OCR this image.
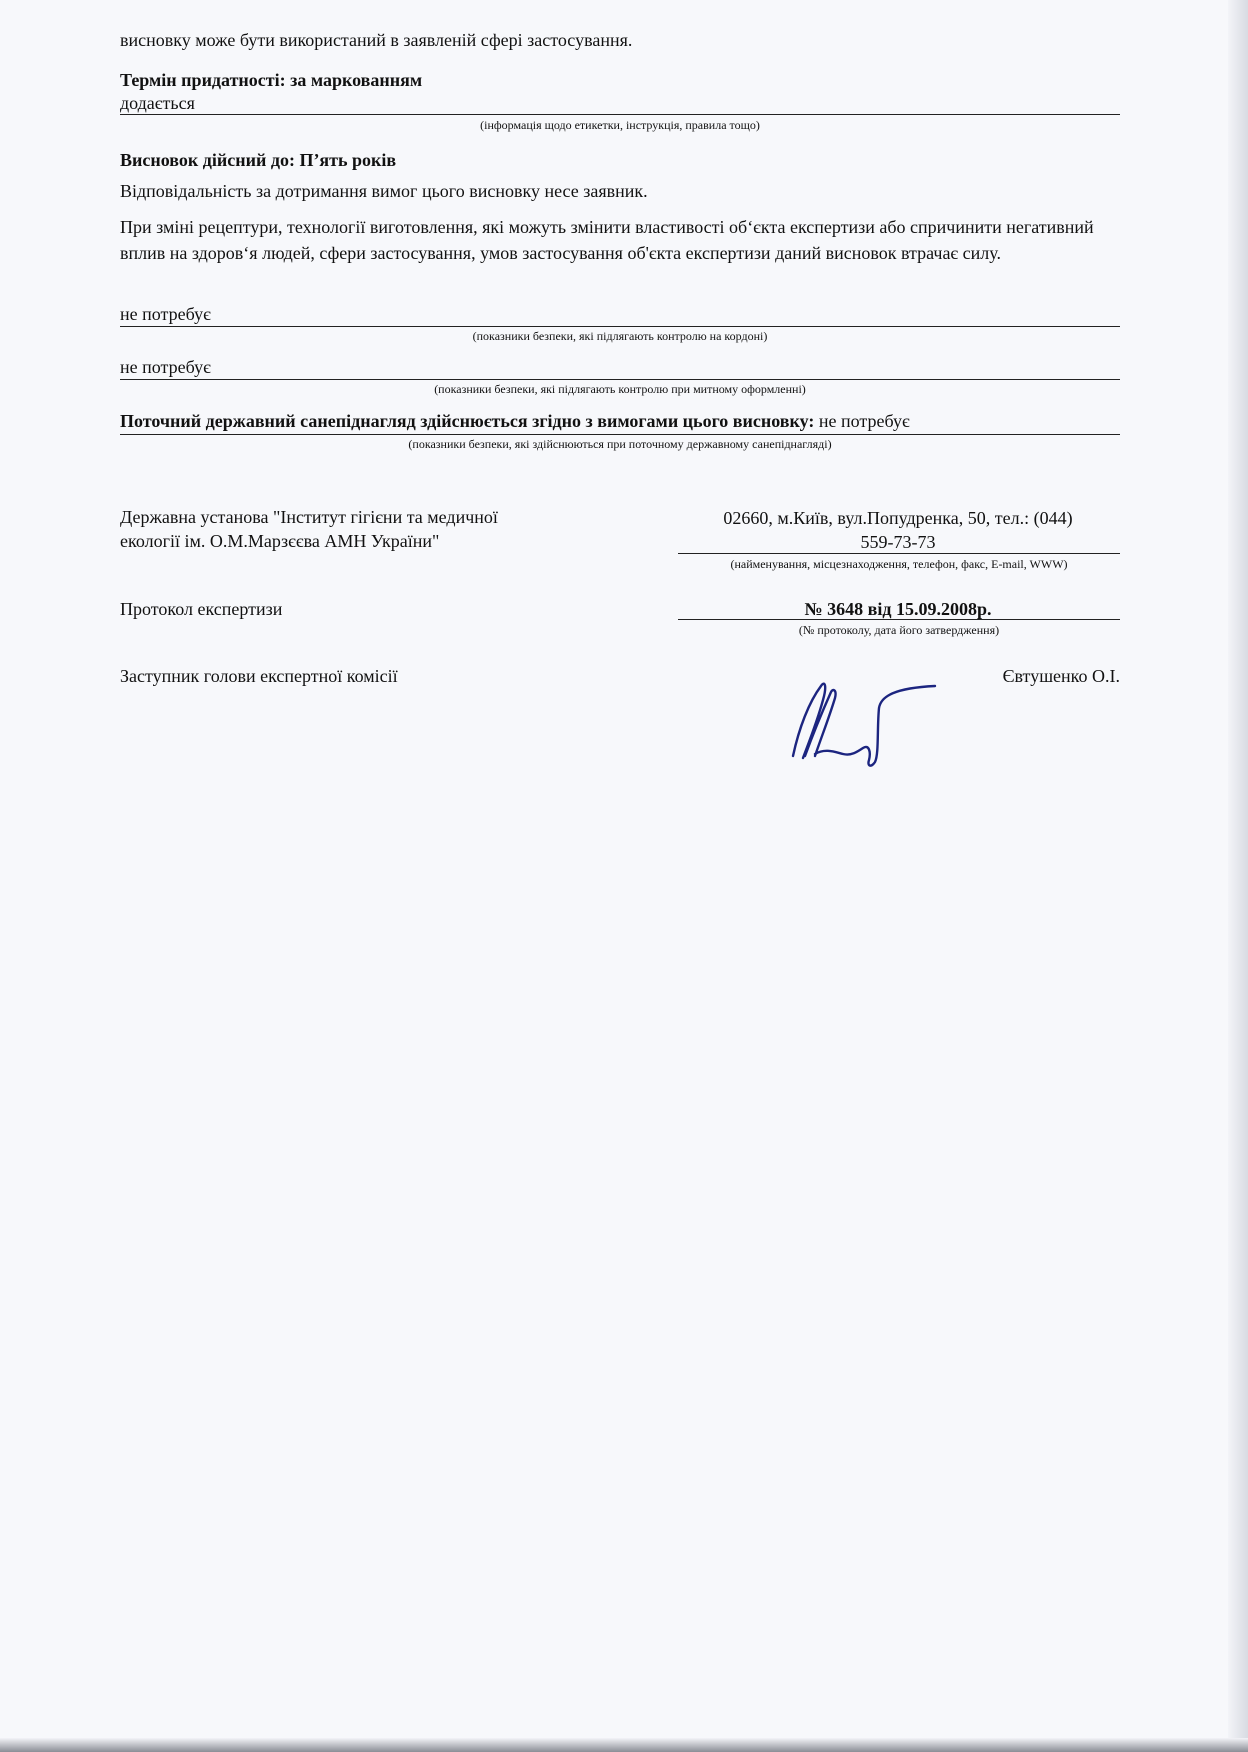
висновку може бути використаний в заявленій сфері застосування.
Термін придатності: за маркованням
додається
(інформація щодо етикетки, інструкція, правила тощо)
Висновок дійсний до: П’ять років
Відповідальність за дотримання вимог цього висновку несе заявник.
При зміні рецептури, технології виготовлення, які можуть змінити властивості об‘єкта експертизи або спричинити негативний вплив на здоров‘я людей, сфери застосування, умов застосування об'єкта експертизи даний висновок втрачає силу.
не потребує
(показники безпеки, які підлягають контролю на кордоні)
не потребує
(показники безпеки, які підлягають контролю при митному оформленні)
Поточний державний санепіднагляд здійснюється згідно з вимогами цього висновку: не потребує
(показники безпеки, які здійснюються при поточному державному санепіднагляді)
Державна установа "Інститут гігієни та медичної
екології ім. О.М.Марзєєва АМН України"
02660, м.Київ, вул.Попудренка, 50, тел.: (044)
559-73-73
(найменування, місцезнаходження, телефон, факс, E-mail, WWW)
Протокол експертизи	№ 3648 від 15.09.2008р.
(№ протоколу, дата його затвердження)
Заступник голови експертної комісії	Євтушенко О.І.
